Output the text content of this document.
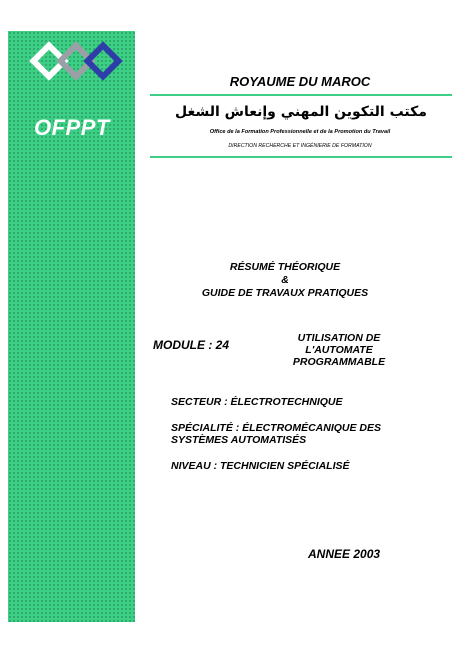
OFPPT
ROYAUME DU MAROC
مكتب التكوين المهني وإنعاش الشغل
Office de la Formation Professionnelle et de la Promotion du Travail
DIRECTION RECHERCHE ET INGÉNIERIE DE FORMATION
RÉSUMÉ THÉORIQUE
&
GUIDE DE TRAVAUX PRATIQUES
MODULE : 24	UTILISATION DE L'AUTOMATE
PROGRAMMABLE
SECTEUR : ÉLECTROTECHNIQUE
SPÉCIALITÉ : ÉLECTROMÉCANIQUE DES
SYSTÈMES AUTOMATISÉS
NIVEAU : TECHNICIEN SPÉCIALISÉ
ANNEE 2003
